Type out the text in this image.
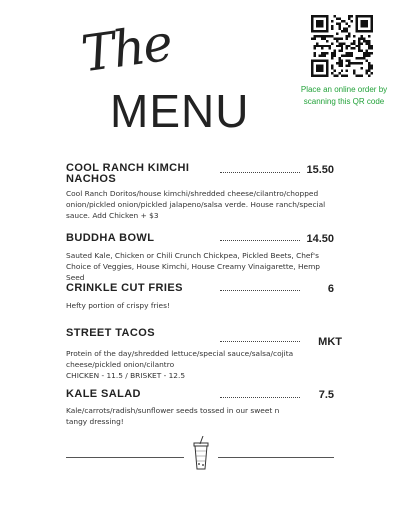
The
MENU	Place an online order by scanning this QR code
COOL RANCH KIMCHI NACHOS
Cool Ranch Doritos/house kimchi/shredded cheese/cilantro/chopped onion/pickled onion/pickled jalapeno/salsa verde. House ranch/special sauce. Add Chicken + $3
15.50
BUDDHA BOWL
Sauted Kale, Chicken or Chili Crunch Chickpea, Pickled Beets, Chef's Choice of Veggies, House Kimchi, House Creamy Vinaigarette, Hemp Seed
14.50
CRINKLE CUT FRIES
Hefty portion of crispy fries!
6
STREET TACOS
Protein of the day/shredded lettuce/special sauce/salsa/cojita cheese/pickled onion/cilantro
CHICKEN - 11.5 / BRISKET - 12.5
MKT
KALE SALAD
Kale/carrots/radish/sunflower seeds tossed in our sweet n tangy dressing!
7.5
